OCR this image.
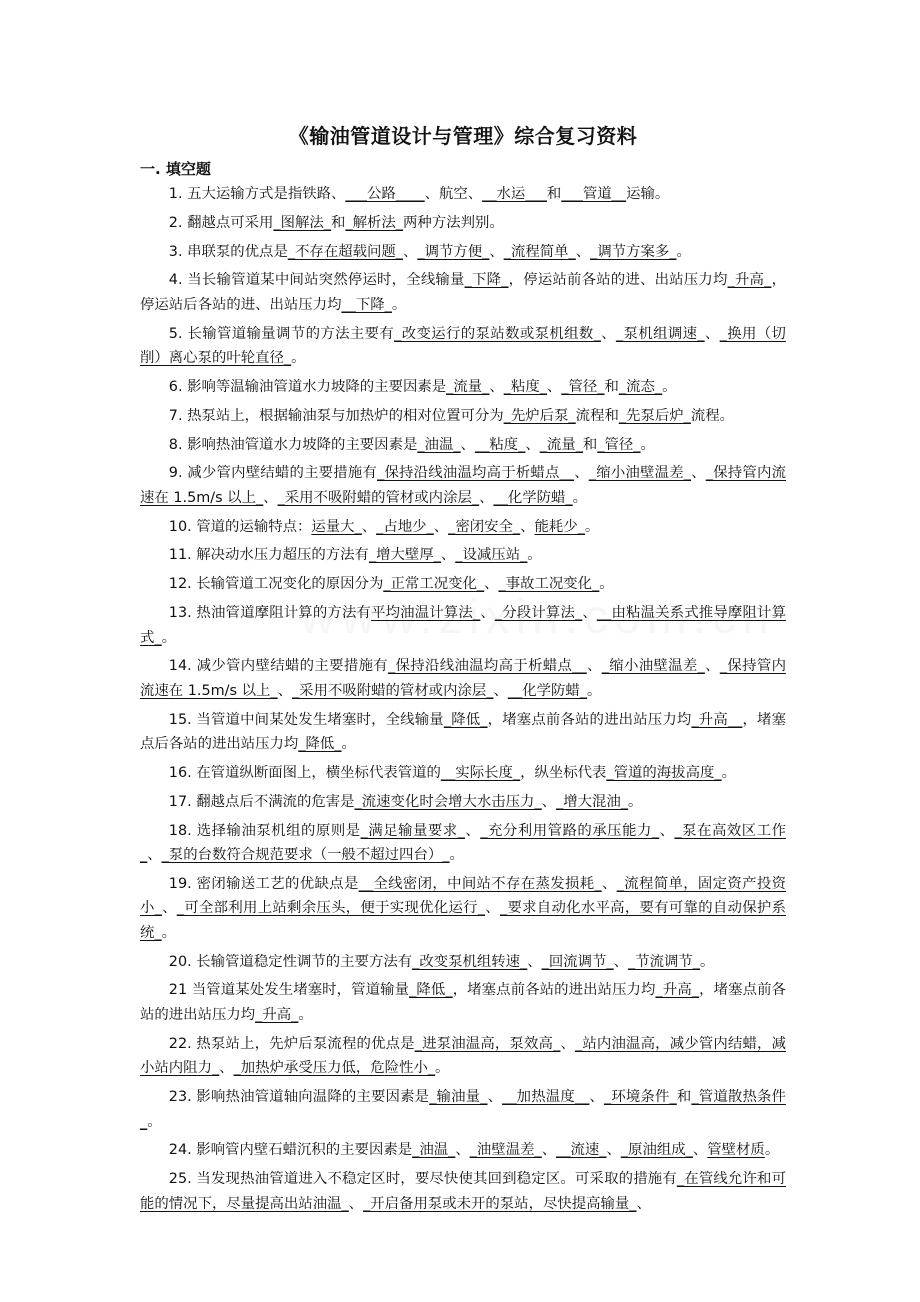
《输油管道设计与管理》综合复习资料
一. 填空题

1. 五大运输方式是指铁路、___公路____、航空、__水运___和___管道__运输。

2. 翻越点可采用_图解法_和_解析法_两种方法判别。

3. 串联泵的优点是_不存在超载问题_、_调节方便_、_流程简单_、_调节方案多_。

4. 当长输管道某中间站突然停运时，全线输量_下降_，停运站前各站的进、出站压力均_升高_，停运站后各站的进、出站压力均__下降_。

5. 长输管道输量调节的方法主要有_改变运行的泵站数或泵机组数_、_泵机组调速_、_换用（切削）离心泵的叶轮直径_。

6. 影响等温输油管道水力坡降的主要因素是_流量_、_粘度_、_管径_和_流态_。

7. 热泵站上，根据输油泵与加热炉的相对位置可分为_先炉后泵_流程和_先泵后炉_流程。

8. 影响热油管道水力坡降的主要因素是_油温_、__粘度_、_流量_和_管径_。

9. 减少管内壁结蜡的主要措施有_保持沿线油温均高于析蜡点__、_缩小油壁温差_、_保持管内流速在 1.5m/s 以上_、_采用不吸附蜡的管材或内涂层_、__化学防蜡_。

10. 管道的运输特点：运量大_、_占地少_、_密闭安全_、能耗少_。

11. 解决动水压力超压的方法有_增大壁厚_、_设减压站_。

12. 长输管道工况变化的原因分为_正常工况变化_、_事故工况变化_。

13. 热油管道摩阻计算的方法有平均油温计算法_、_分段计算法_、__由粘温关系式推导摩阻计算式_。

14. 减少管内壁结蜡的主要措施有_保持沿线油温均高于析蜡点__、_缩小油壁温差_、_保持管内流速在 1.5m/s 以上_、_采用不吸附蜡的管材或内涂层_、__化学防蜡_。

15. 当管道中间某处发生堵塞时，全线输量_降低_，堵塞点前各站的进出站压力均_升高__，堵塞点后各站的进出站压力均_降低_。

16. 在管道纵断面图上，横坐标代表管道的__实际长度_，纵坐标代表_管道的海拔高度_。

17. 翻越点后不满流的危害是_流速变化时会增大水击压力_、_增大混油_。

18. 选择输油泵机组的原则是_满足输量要求_、_充分利用管路的承压能力_、_泵在高效区工作_、_泵的台数符合规范要求（一般不超过四台）_。

19. 密闭输送工艺的优缺点是__全线密闭，中间站不存在蒸发损耗_、_流程简单，固定资产投资小_、_可全部利用上站剩余压头，便于实现优化运行_、_要求自动化水平高，要有可靠的自动保护系统_。

20. 长输管道稳定性调节的主要方法有_改变泵机组转速_、_回流调节_、_节流调节_。

21 当管道某处发生堵塞时，管道输量_降低_，堵塞点前各站的进出站压力均_升高_，堵塞点前各站的进出站压力均_升高_。

22. 热泵站上，先炉后泵流程的优点是_进泵油温高，泵效高_、_站内油温高，减少管内结蜡，减小站内阻力_、_加热炉承受压力低，危险性小_。

23. 影响热油管道轴向温降的主要因素是_输油量_、__加热温度__、_环境条件_和_管道散热条件_。

24. 影响管内壁石蜡沉积的主要因素是_油温_、_油壁温差_、__流速_、_原油组成_、管壁材质。

25. 当发现热油管道进入不稳定区时，要尽快使其回到稳定区。可采取的措施有_在管线允许和可能的情况下，尽量提高出站油温_、_开启备用泵或未开的泵站，尽快提高输量_、
